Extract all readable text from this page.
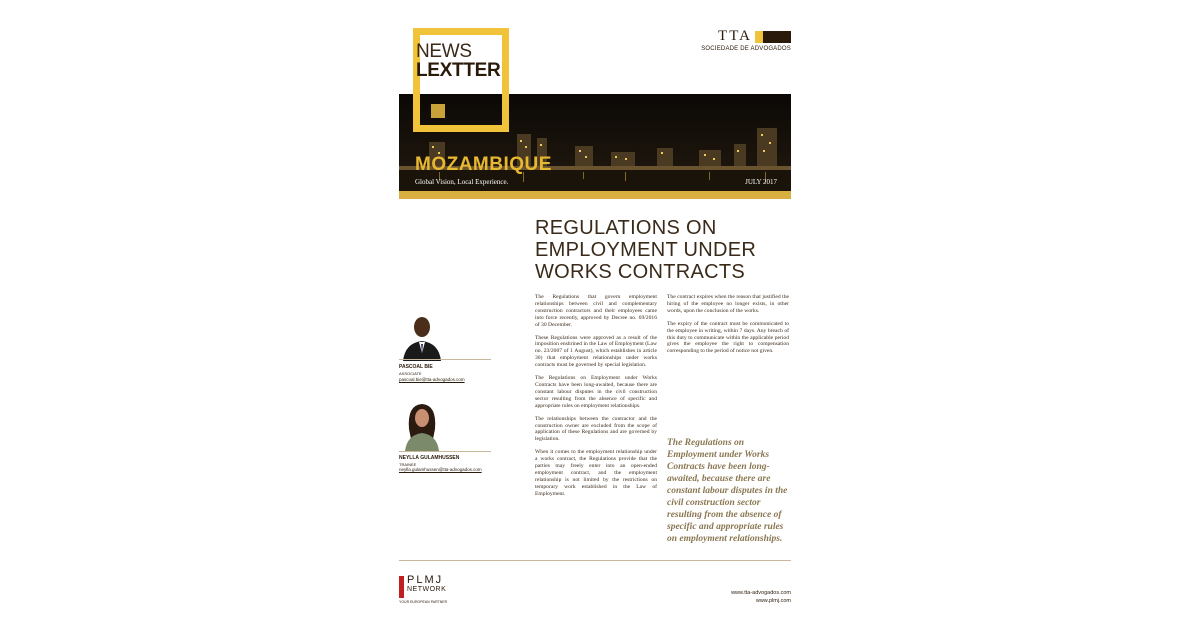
MOZAMBIQUE
Global Vision, Local Experience.	JULY 2017
NEWS
LEXTTER
TTA
SOCIEDADE DE ADVOGADOS
REGULATIONS ON EMPLOYMENT UNDER WORKS CONTRACTS
PASCOAL BIE
ASSOCIATE
pascoal.bie@tta-advogados.com
NEYLLA GULAMHUSSEN
TRAINEE
neylla.gulamhussen@tta-advogados.com

The Regulations that govern employment relationships between civil and complementary construction contractors and their employees came into force recently, approved by Decree no. 69/2016 of 30 December.

These Regulations were approved as a result of the imposition enshrined in the Law of Employment (Law no. 23/2007 of 1 August), which establishes in article 30) that employment relationships under works contracts must be governed by special legislation.

The Regulations on Employment under Works Contracts have been long-awaited, because there are constant labour disputes in the civil construction sector resulting from the absence of specific and appropriate rules on employment relationships.

The relationships between the contractor and the construction owner are excluded from the scope of application of these Regulations and are governed by legislation.

When it comes to the employment relationship under a works contract, the Regulations provide that the parties may freely enter into an open-ended employment contract, and the employment relationship is not limited by the restrictions on temporary work established in the Law of Employment.

The contract expires when the reason that justified the hiring of the employee no longer exists, in other words, upon the conclusion of the works.

The expiry of the contract must be communicated to the employee in writing, within 7 days. Any breach of this duty to communicate within the applicable period gives the employee the right to compensation corresponding to the period of notice not given.

The Regulations on Employment under Works Contracts have been long-awaited, because there are constant labour disputes in the civil construction sector resulting from the absence of specific and appropriate rules on employment relationships.
PLMJ
NETWORK
YOUR EUROPEAN PARTNER
www.tta-advogados.com
www.plmj.com
